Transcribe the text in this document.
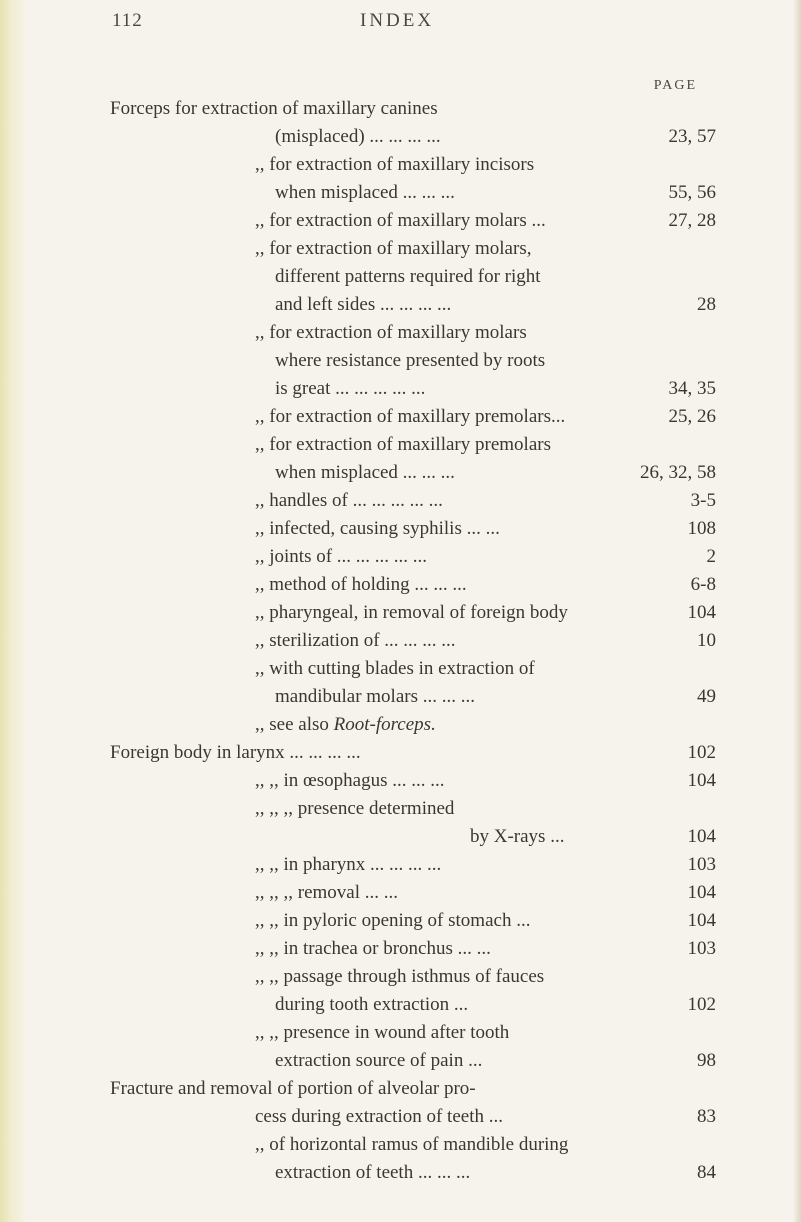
112	INDEX
PAGE
Forceps for extraction of maxillary canines
(misplaced) ... ... ... ...	23, 57
,, for extraction of maxillary incisors
when misplaced ... ... ...	55, 56
,, for extraction of maxillary molars ...	27, 28
,, for extraction of maxillary molars,
different patterns required for right
and left sides ... ... ... ...	28
,, for extraction of maxillary molars
where resistance presented by roots
is great ... ... ... ... ...	34, 35
,, for extraction of maxillary premolars...	25, 26
,, for extraction of maxillary premolars
when misplaced ... ... ...	26, 32, 58
,, handles of ... ... ... ... ...	3-5
,, infected, causing syphilis ... ...	108
,, joints of ... ... ... ... ...	2
,, method of holding ... ... ...	6-8
,, pharyngeal, in removal of foreign body	104
,, sterilization of ... ... ... ...	10
,, with cutting blades in extraction of
mandibular molars ... ... ...	49
,, see also Root-forceps.
Foreign body in larynx ... ... ... ...	102
,, ,, in œsophagus ... ... ...	104
,, ,, ,, presence determined
by X-rays ...	104
,, ,, in pharynx ... ... ... ...	103
,, ,, ,, removal ... ...	104
,, ,, in pyloric opening of stomach ...	104
,, ,, in trachea or bronchus ... ...	103
,, ,, passage through isthmus of fauces
during tooth extraction ...	102
,, ,, presence in wound after tooth
extraction source of pain ...	98
Fracture and removal of portion of alveolar pro-
cess during extraction of teeth ...	83
,, of horizontal ramus of mandible during
extraction of teeth ... ... ...	84
